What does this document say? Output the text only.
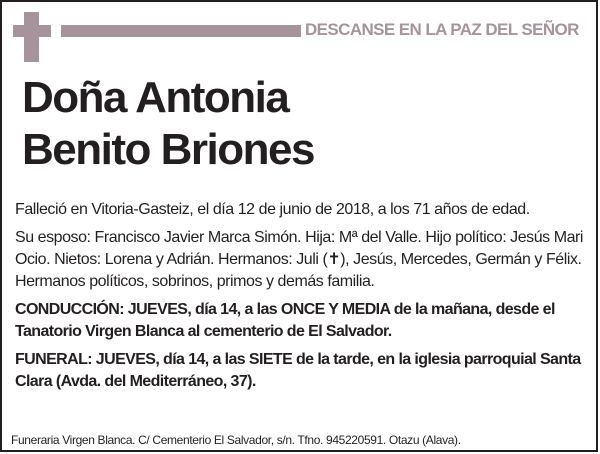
DESCANSE EN LA PAZ DEL SEÑOR
Doña Antonia
Benito Briones

Falleció en Vitoria-Gasteiz, el día 12 de junio de 2018, a los 71 años de edad.

Su esposo: Francisco Javier Marca Simón. Hija: Mª del Valle. Hijo político: Jesús Mari Ocio. Nietos: Lorena y Adrián. Hermanos: Juli (✝), Jesús, Mercedes, Germán y Félix. Hermanos políticos, sobrinos, primos y demás familia.

CONDUCCIÓN: JUEVES, día 14, a las ONCE Y MEDIA de la mañana, desde el Tanatorio Virgen Blanca al cementerio de El Salvador.

FUNERAL: JUEVES, día 14, a las SIETE de la tarde, en la iglesia parroquial Santa Clara (Avda. del Mediterráneo, 37).

Funeraria Virgen Blanca. C/ Cementerio El Salvador, s/n. Tfno. 945220591. Otazu (Alava).
